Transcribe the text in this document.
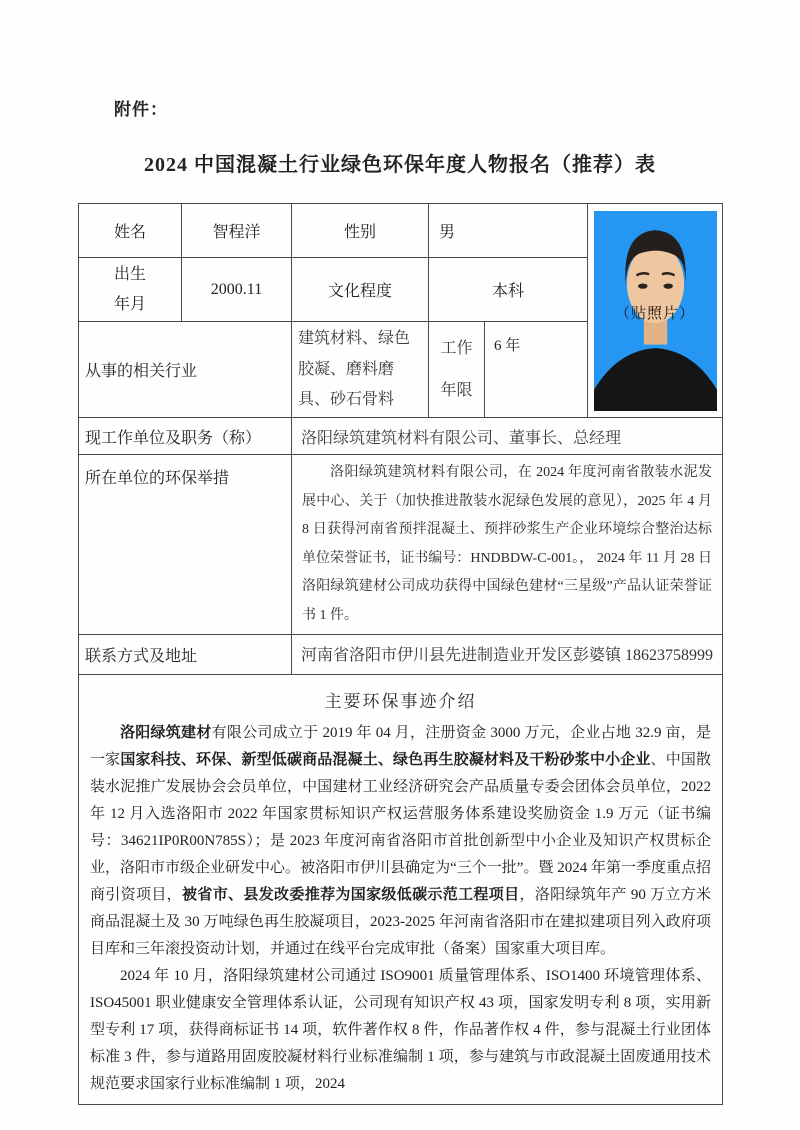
附件：
2024 中国混凝土行业绿色环保年度人物报名（推荐）表
姓名	智程洋	性别	男		（贴照片）

出生年月	2000.11	文化程度	本科		
从事的相关行业		建筑材料、绿色胶凝、磨料磨具、砂石骨料	工作年限	6 年	
现工作单位及职务（称）		洛阳绿筑建筑材料有限公司、董事长、总经理			
所在单位的环保举措		洛阳绿筑建筑材料有限公司，在 2024 年度河南省散装水泥发展中心、关于（加快推进散装水泥绿色发展的意见），2025 年 4 月 8 日获得河南省预拌混凝土、预拌砂浆生产企业环境综合整治达标单位荣誉证书，证书编号：HNDBDW-C-001。， 2024 年 11 月 28 日洛阳绿筑建材公司成功获得中国绿色建材“三星级”产品认证荣誉证书 1 件。			

联系方式及地址		河南省洛阳市伊川县先进制造业开发区彭婆镇 18623758999			

主要环保事迹介绍

洛阳绿筑建材有限公司成立于 2019 年 04 月，注册资金 3000 万元，企业占地 32.9 亩，是一家国家科技、环保、新型低碳商品混凝土、绿色再生胶凝材料及干粉砂浆中小企业、中国散装水泥推广发展协会会员单位，中国建材工业经济研究会产品质量专委会团体会员单位，2022 年 12 月入选洛阳市 2022 年国家贯标知识产权运营服务体系建设奖励资金 1.9 万元（证书编号：34621IP0R00N785S）；是 2023 年度河南省洛阳市首批创新型中小企业及知识产权贯标企业，洛阳市市级企业研发中心。被洛阳市伊川县确定为“三个一批”。暨 2024 年第一季度重点招商引资项目，被省市、县发改委推荐为国家级低碳示范工程项目，洛阳绿筑年产 90 万立方米商品混凝土及 30 万吨绿色再生胶凝项目，2023-2025 年河南省洛阳市在建拟建项目列入政府项目库和三年滚投资动计划，并通过在线平台完成审批（备案）国家重大项目库。

2024 年 10 月，洛阳绿筑建材公司通过 ISO9001 质量管理体系、ISO1400 环境管理体系、ISO45001 职业健康安全管理体系认证，公司现有知识产权 43 项，国家发明专利 8 项，实用新型专利 17 项，获得商标证书 14 项，软件著作权 8 件，作品著作权 4 件，参与混凝土行业团体标准 3 件，参与道路用固废胶凝材料行业标准编制 1 项，参与建筑与市政混凝土固废通用技术规范要求国家行业标准编制 1 项，2024					
